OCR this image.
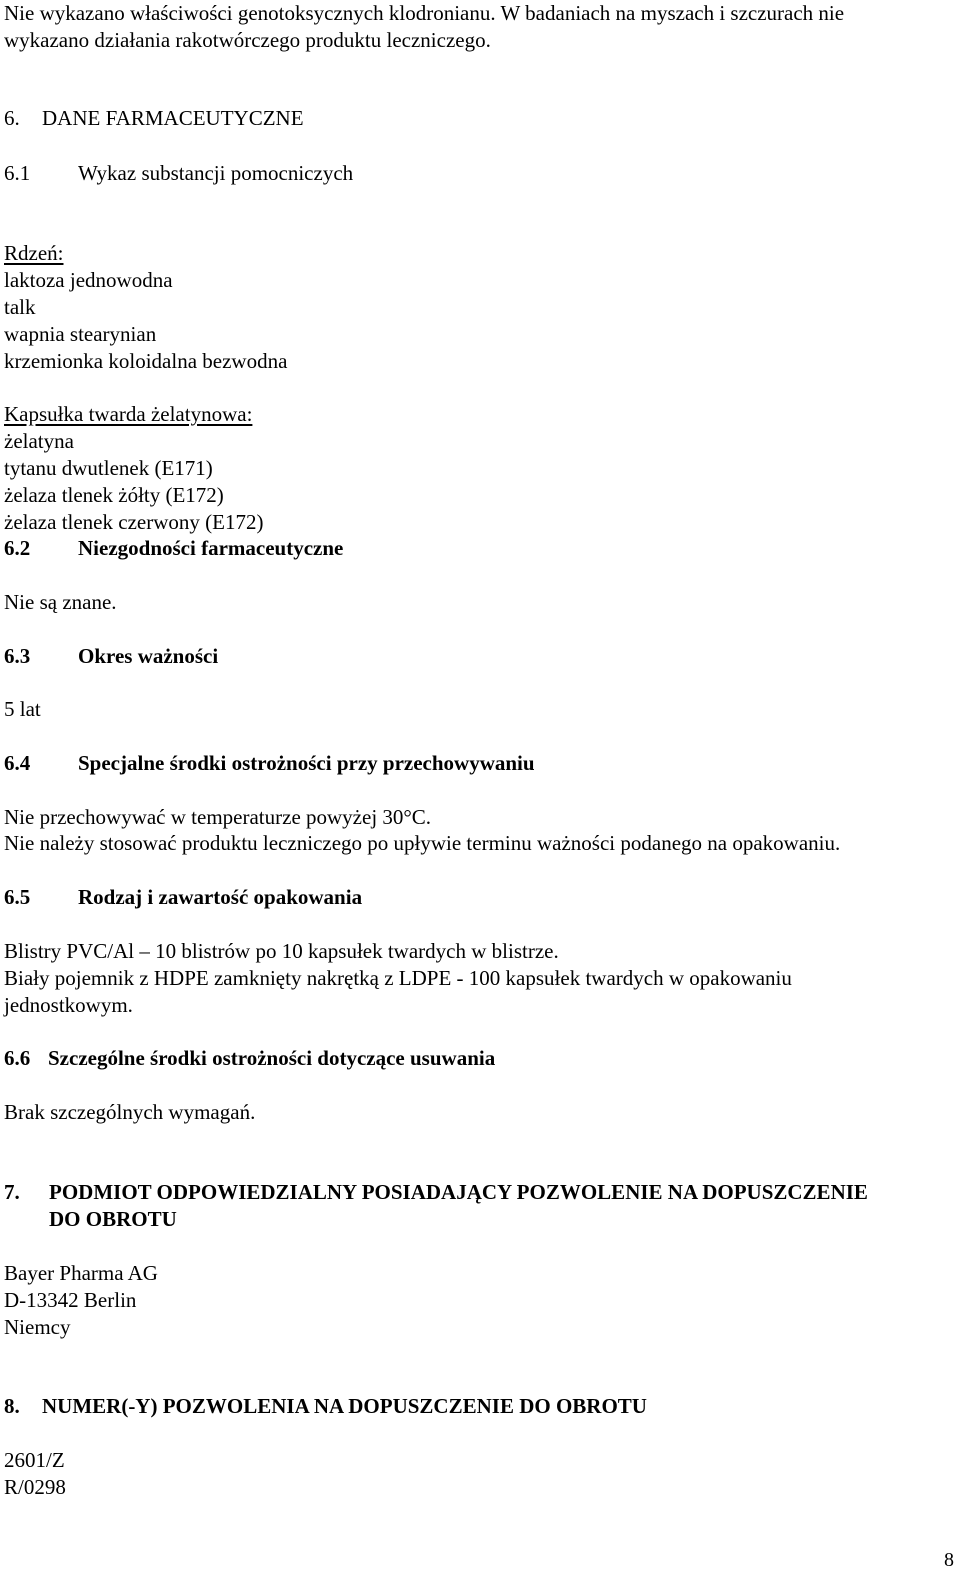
Nie wykazano właściwości genotoksycznych klodronianu. W badaniach na myszach i szczurach nie
wykazano działania rakotwórczego produktu leczniczego.
6. DANE FARMACEUTYCZNE
6.1 Wykaz substancji pomocniczych
Rdzeń:
laktoza jednowodna
talk
wapnia stearynian
krzemionka koloidalna bezwodna
Kapsułka twarda żelatynowa:
żelatyna
tytanu dwutlenek (E171)
żelaza tlenek żółty (E172)
żelaza tlenek czerwony (E172)
6.2 Niezgodności farmaceutyczne
Nie są znane.
6.3 Okres ważności
5 lat
6.4 Specjalne środki ostrożności przy przechowywaniu
Nie przechowywać w temperaturze powyżej 30°C.
Nie należy stosować produktu leczniczego po upływie terminu ważności podanego na opakowaniu.
6.5 Rodzaj i zawartość opakowania
Blistry PVC/Al – 10 blistrów po 10 kapsułek twardych w blistrze.
Biały pojemnik z HDPE zamknięty nakrętką z LDPE - 100 kapsułek twardych w opakowaniu
jednostkowym.
6.6 Szczególne środki ostrożności dotyczące usuwania
Brak szczególnych wymagań.
7. PODMIOT ODPOWIEDZIALNY POSIADAJĄCY POZWOLENIE NA DOPUSZCZENIE
DO OBROTU
Bayer Pharma AG
D-13342 Berlin
Niemcy
8. NUMER(-Y) POZWOLENIA NA DOPUSZCZENIE DO OBROTU
2601/Z
R/0298
8
